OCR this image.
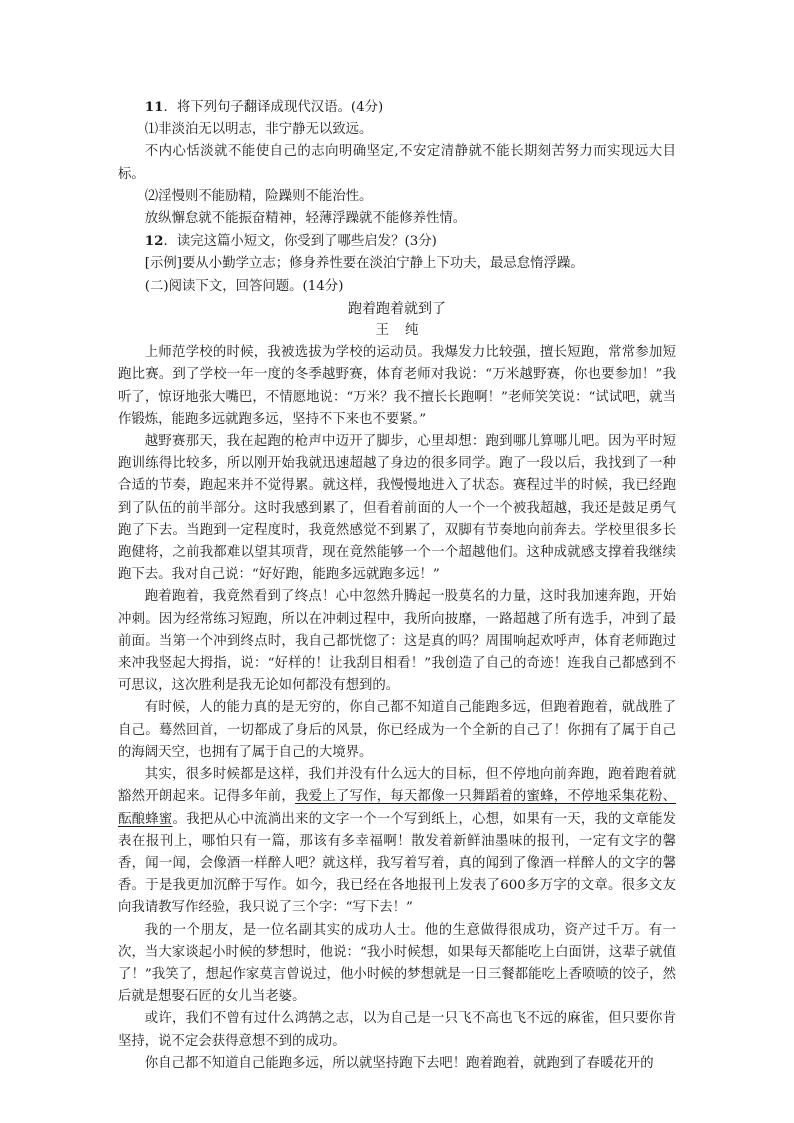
11．将下列句子翻译成现代汉语。(4分)

⑴非淡泊无以明志，非宁静无以致远。

不内心恬淡就不能使自己的志向明确坚定,不安定清静就不能长期刻苦努力而实现远大目标。

⑵淫慢则不能励精，险躁则不能治性。

放纵懈怠就不能振奋精神，轻薄浮躁就不能修养性情。

12．读完这篇小短文，你受到了哪些启发？(3分)

[示例]要从小勤学立志；修身养性要在淡泊宁静上下功夫，最忌怠惰浮躁。

(二)阅读下文，回答问题。(14分)

跑着跑着就到了

王纯

上师范学校的时候，我被选拔为学校的运动员。我爆发力比较强，擅长短跑，常常参加短跑比赛。到了学校一年一度的冬季越野赛，体育老师对我说：“万米越野赛，你也要参加！”我听了，惊讶地张大嘴巴，不情愿地说：“万米？我不擅长长跑啊！”老师笑笑说：“试试吧，就当作锻炼，能跑多远就跑多远，坚持不下来也不要紧。”

越野赛那天，我在起跑的枪声中迈开了脚步，心里却想：跑到哪儿算哪儿吧。因为平时短跑训练得比较多，所以刚开始我就迅速超越了身边的很多同学。跑了一段以后，我找到了一种合适的节奏，跑起来并不觉得累。就这样，我慢慢地进入了状态。赛程过半的时候，我已经跑到了队伍的前半部分。这时我感到累了，但看着前面的人一个一个被我超越，我还是鼓足勇气跑了下去。当跑到一定程度时，我竟然感觉不到累了，双脚有节奏地向前奔去。学校里很多长跑健将，之前我都难以望其项背，现在竟然能够一个一个超越他们。这种成就感支撑着我继续跑下去。我对自己说：“好好跑，能跑多远就跑多远！”

跑着跑着，我竟然看到了终点！心中忽然升腾起一股莫名的力量，这时我加速奔跑，开始冲刺。因为经常练习短跑，所以在冲刺过程中，我所向披靡，一路超越了所有选手，冲到了最前面。当第一个冲到终点时，我自己都恍惚了：这是真的吗？周围响起欢呼声，体育老师跑过来冲我竖起大拇指，说：“好样的！让我刮目相看！”我创造了自己的奇迹！连我自己都感到不可思议，这次胜利是我无论如何都没有想到的。

有时候，人的能力真的是无穷的，你自己都不知道自己能跑多远，但跑着跑着，就战胜了自己。蓦然回首，一切都成了身后的风景，你已经成为一个全新的自己了！你拥有了属于自己的海阔天空，也拥有了属于自己的大境界。

其实，很多时候都是这样，我们并没有什么远大的目标，但不停地向前奔跑，跑着跑着就豁然开朗起来。记得多年前，我爱上了写作，每天都像一只舞蹈着的蜜蜂，不停地采集花粉、酝酿蜂蜜。我把从心中流淌出来的文字一个一个写到纸上，心想，如果有一天，我的文章能发表在报刊上，哪怕只有一篇，那该有多幸福啊！散发着新鲜油墨味的报刊，一定有文字的馨香，闻一闻，会像酒一样醉人吧？就这样，我写着写着，真的闻到了像酒一样醉人的文字的馨香。于是我更加沉醉于写作。如今，我已经在各地报刊上发表了600多万字的文章。很多文友向我请教写作经验，我只说了三个字：“写下去！”

我的一个朋友，是一位名副其实的成功人士。他的生意做得很成功，资产过千万。有一次，当大家谈起小时候的梦想时，他说：“我小时候想，如果每天都能吃上白面饼，这辈子就值了！”我笑了，想起作家莫言曾说过，他小时候的梦想就是一日三餐都能吃上香喷喷的饺子，然后就是想娶石匠的女儿当老婆。

或许，我们不曾有过什么鸿鹄之志，以为自己是一只飞不高也飞不远的麻雀，但只要你肯坚持，说不定会获得意想不到的成功。

你自己都不知道自己能跑多远，所以就坚持跑下去吧！跑着跑着，就跑到了春暖花开的
